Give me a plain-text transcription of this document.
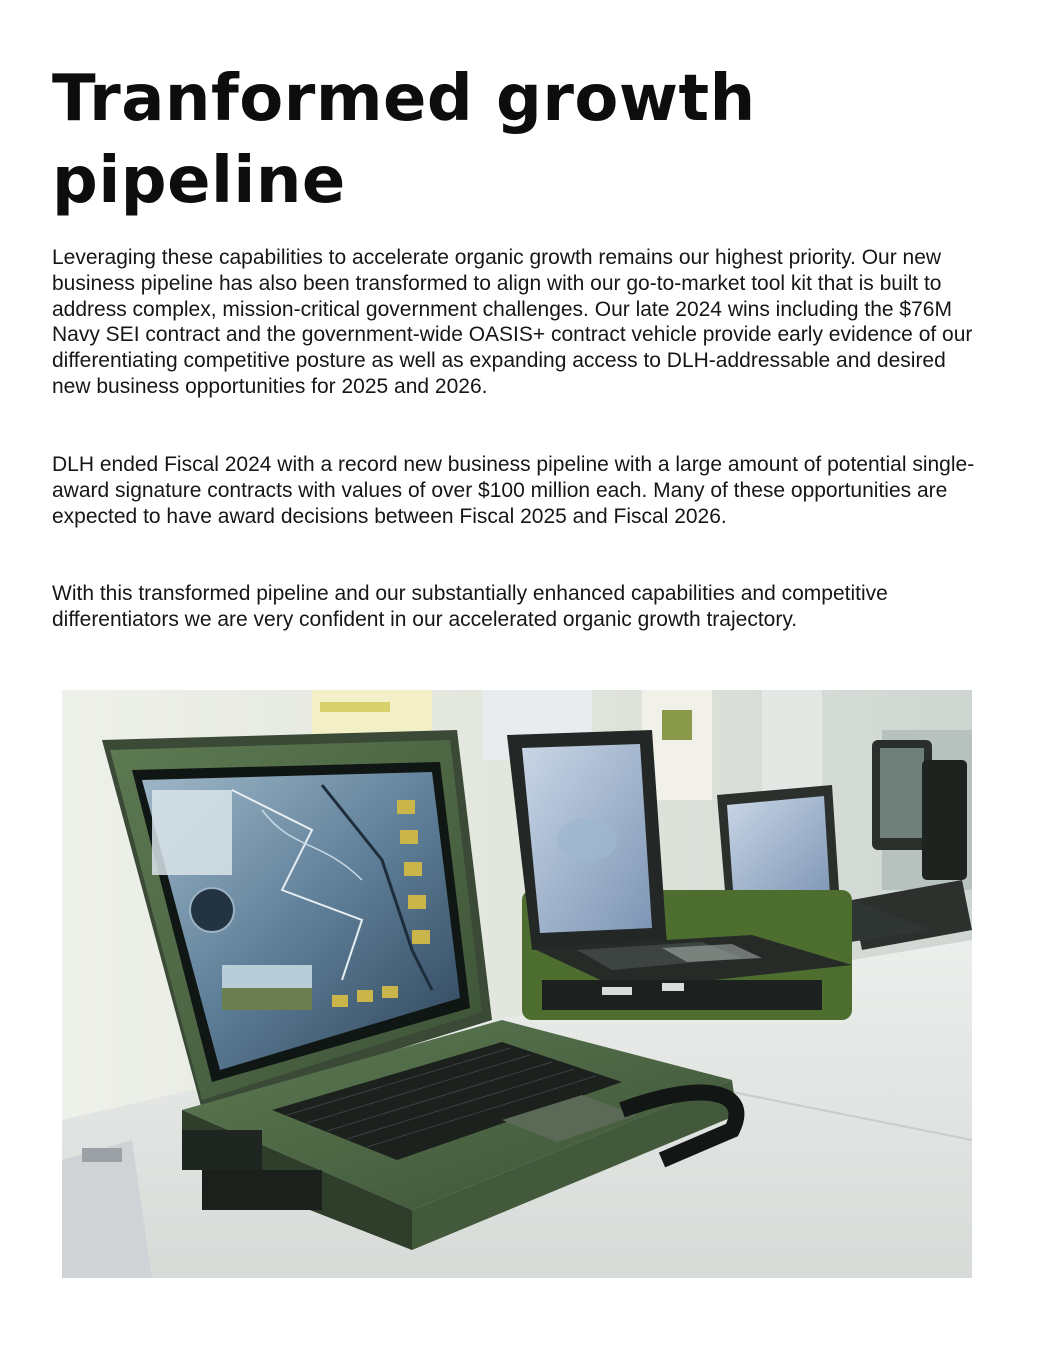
Tranformed growth pipeline

Leveraging these capabilities to accelerate organic growth remains our highest priority. Our new business pipeline has also been transformed to align with our go-to-market tool kit that is built to address complex, mission-critical government challenges. Our late 2024 wins including the $76M Navy SEI contract and the government-wide OASIS+ contract vehicle provide early evidence of our differentiating competitive posture as well as expanding access to DLH-addressable and desired new business opportunities for 2025 and 2026.

DLH ended Fiscal 2024 with a record new business pipeline with a large amount of potential single-award signature contracts with values of over $100 million each. Many of these opportunities are expected to have award decisions between Fiscal 2025 and Fiscal 2026.

With this transformed pipeline and our substantially enhanced capabilities and competitive differentiators we are very confident in our accelerated organic growth trajectory.
